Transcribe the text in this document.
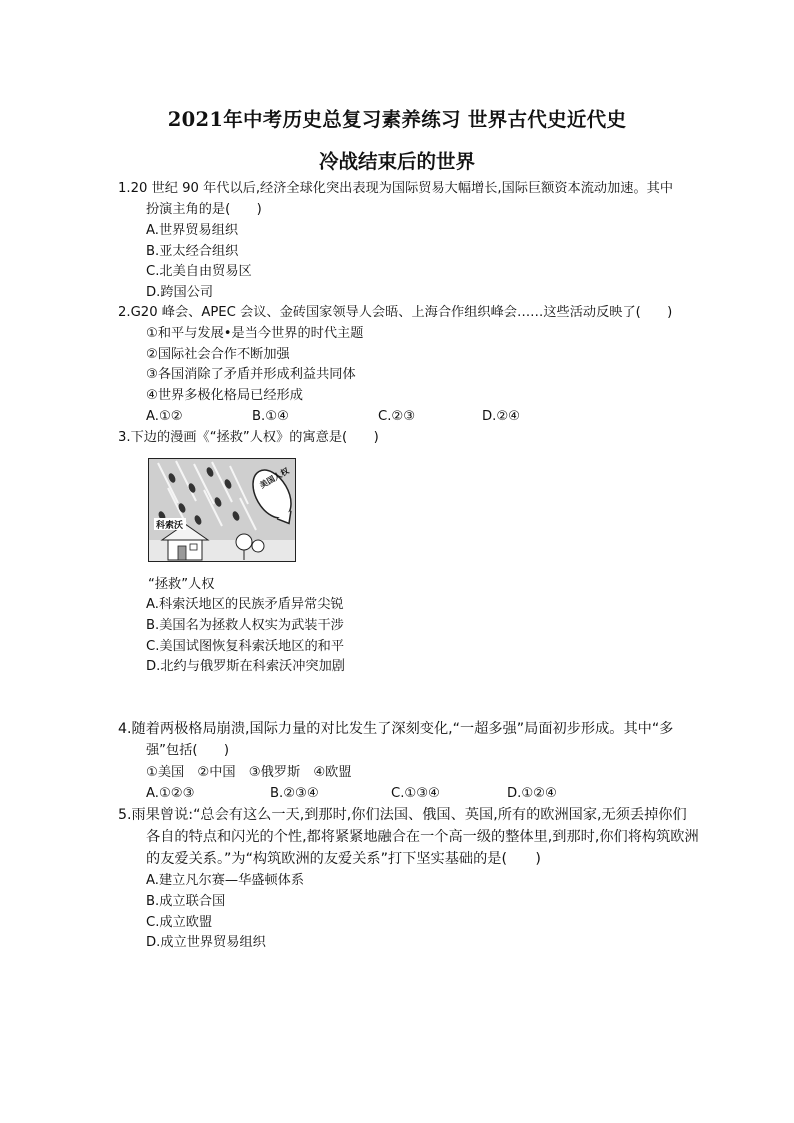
2021年中考历史总复习素养练习 世界古代史近代史
冷战结束后的世界
1.20 世纪 90 年代以后,经济全球化突出表现为国际贸易大幅增长,国际巨额资本流动加速。其中
扮演主角的是(　　)
A.世界贸易组织
B.亚太经合组织
C.北美自由贸易区
D.跨国公司
2.G20 峰会、APEC 会议、金砖国家领导人会晤、上海合作组织峰会……这些活动反映了(　　)
①和平与发展•是当今世界的时代主题
②国际社会合作不断加强
③各国消除了矛盾并形成利益共同体
④世界多极化格局已经形成
A.①②	B.①④	C.②③	D.②④
3.下边的漫画《“拯救”人权》的寓意是(　　)
美国人权
科索沃
“拯救”人权
A.科索沃地区的民族矛盾异常尖锐
B.美国名为拯救人权实为武装干涉
C.美国试图恢复科索沃地区的和平
D.北约与俄罗斯在科索沃冲突加剧
4.随着两极格局崩溃,国际力量的对比发生了深刻变化,“一超多强”局面初步形成。其中“多
强”包括(　　)
①美国　②中国　③俄罗斯　④欧盟
A.①②③	B.②③④	C.①③④	D.①②④
5.雨果曾说:“总会有这么一天,到那时,你们法国、俄国、英国,所有的欧洲国家,无须丢掉你们
各自的特点和闪光的个性,都将紧紧地融合在一个高一级的整体里,到那时,你们将构筑欧洲
的友爱关系。”为“构筑欧洲的友爱关系”打下坚实基础的是(　　)
A.建立凡尔赛—华盛顿体系
B.成立联合国
C.成立欧盟
D.成立世界贸易组织
